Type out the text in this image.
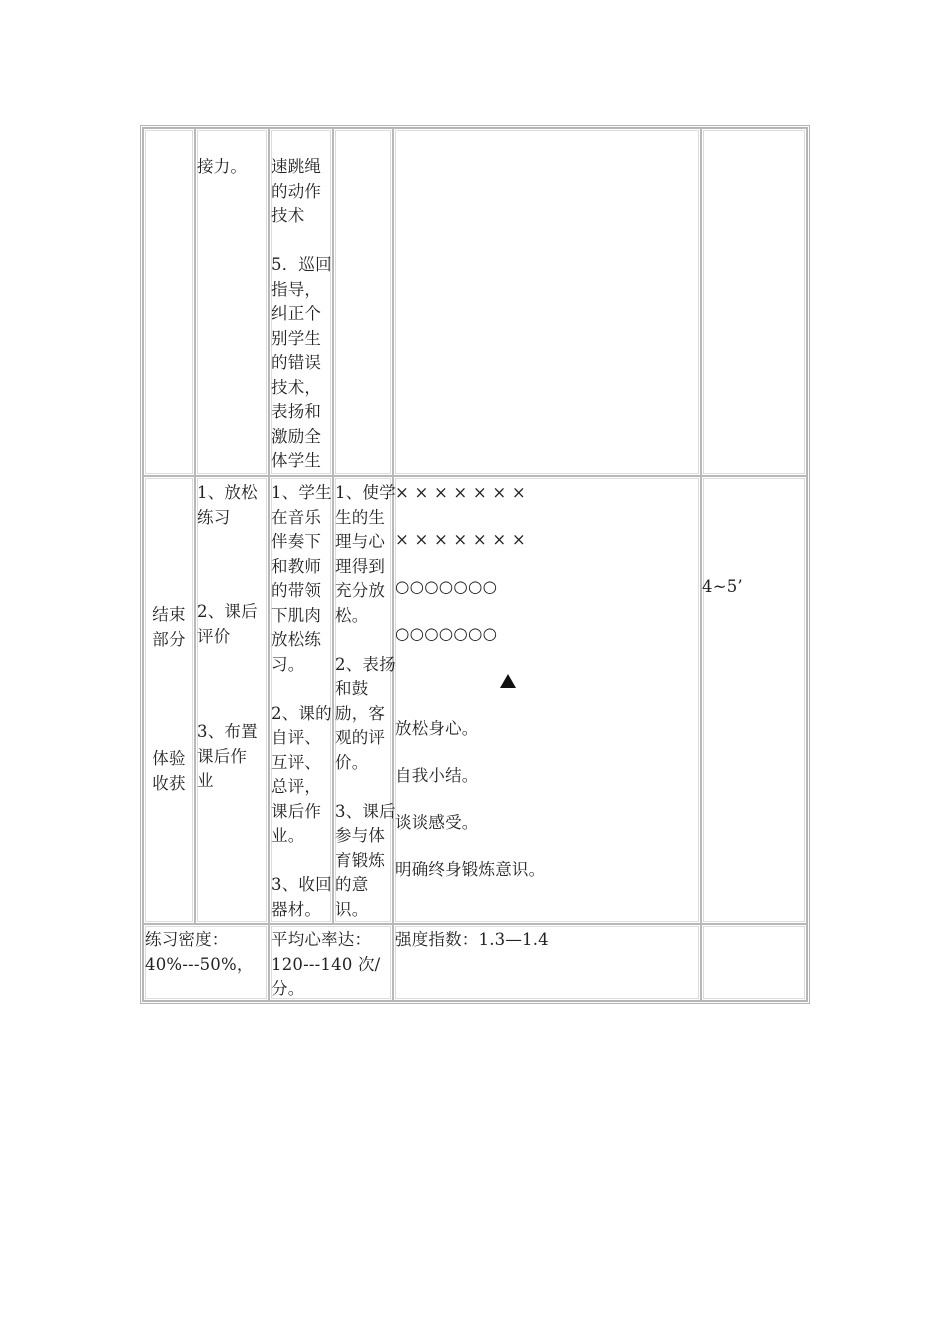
接力。 速跳绳
的动作
技术

5．巡回
指导，
纠正个
别学生
的错误
技术，
表扬和
激励全
体学生
结束
部分
体验
收获
1、放松
练习
2、课后
评价
3、布置
课后作
业
1、学生
在音乐
伴奏下
和教师
的带领
下肌肉
放松练
习。

2、课的
自评、
互评、
总评，
课后作
业。

3、收回
器材。
1、使学
生的生
理与心
理得到
充分放
松。

2、表扬
和鼓
励，客
观的评
价。

3、课后
参与体
育锻炼
的意
识。
× × × × × × ×
× × × × × × ×
○○○○○○○
○○○○○○○
放松身心。
自我小结。
谈谈感受。
明确终身锻炼意识。
4~5’
练习密度：
40%---50%，
平均心率达：
120---140 次/
分。
强度指数：1.3—1.4
